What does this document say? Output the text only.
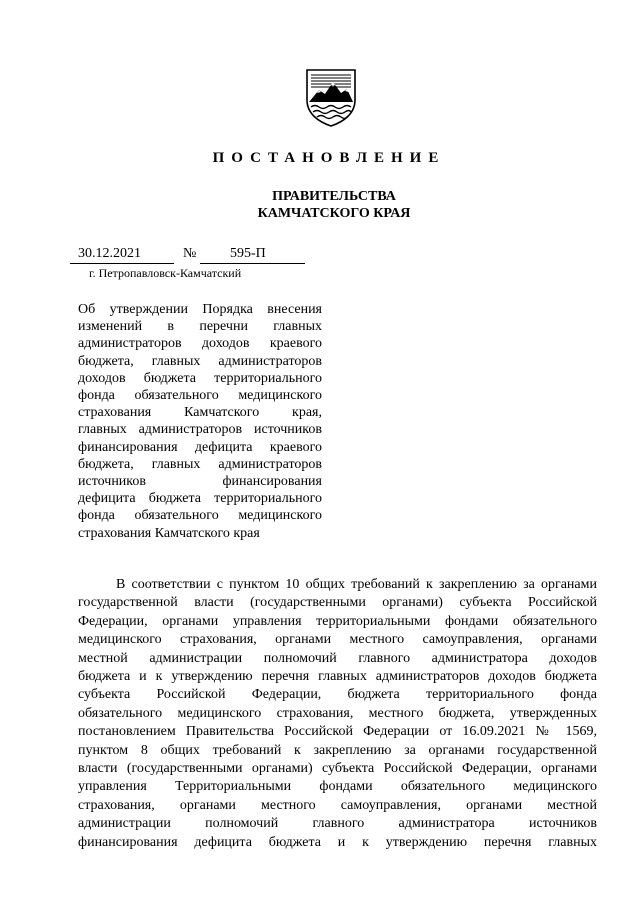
ПОСТАНОВЛЕНИЕ
ПРАВИТЕЛЬСТВА
КАМЧАТСКОГО КРАЯ
30.12.2021	№ 595-П
г. Петропавловск-Камчатский
Об утверждении Порядка внесения
изменений в перечни главных
администраторов доходов краевого
бюджета, главных администраторов
доходов бюджета территориального
фонда обязательного медицинского
страхования Камчатского края,
главных администраторов источников
финансирования дефицита краевого
бюджета, главных администраторов
источников финансирования
дефицита бюджета территориального
фонда обязательного медицинского
страхования Камчатского края
В соответствии с пунктом 10 общих требований к закреплению за органами
государственной власти (государственными органами) субъекта Российской
Федерации, органами управления территориальными фондами обязательного
медицинского страхования, органами местного самоуправления, органами
местной администрации полномочий главного администратора доходов
бюджета и к утверждению перечня главных администраторов доходов бюджета
субъекта Российской Федерации, бюджета территориального фонда
обязательного медицинского страхования, местного бюджета, утвержденных
постановлением Правительства Российской Федерации от 16.09.2021 № 1569,
пунктом 8 общих требований к закреплению за органами государственной
власти (государственными органами) субъекта Российской Федерации, органами
управления Территориальными фондами обязательного медицинского
страхования, органами местного самоуправления, органами местной
администрации полномочий главного администратора источников
финансирования дефицита бюджета и к утверждению перечня главных
